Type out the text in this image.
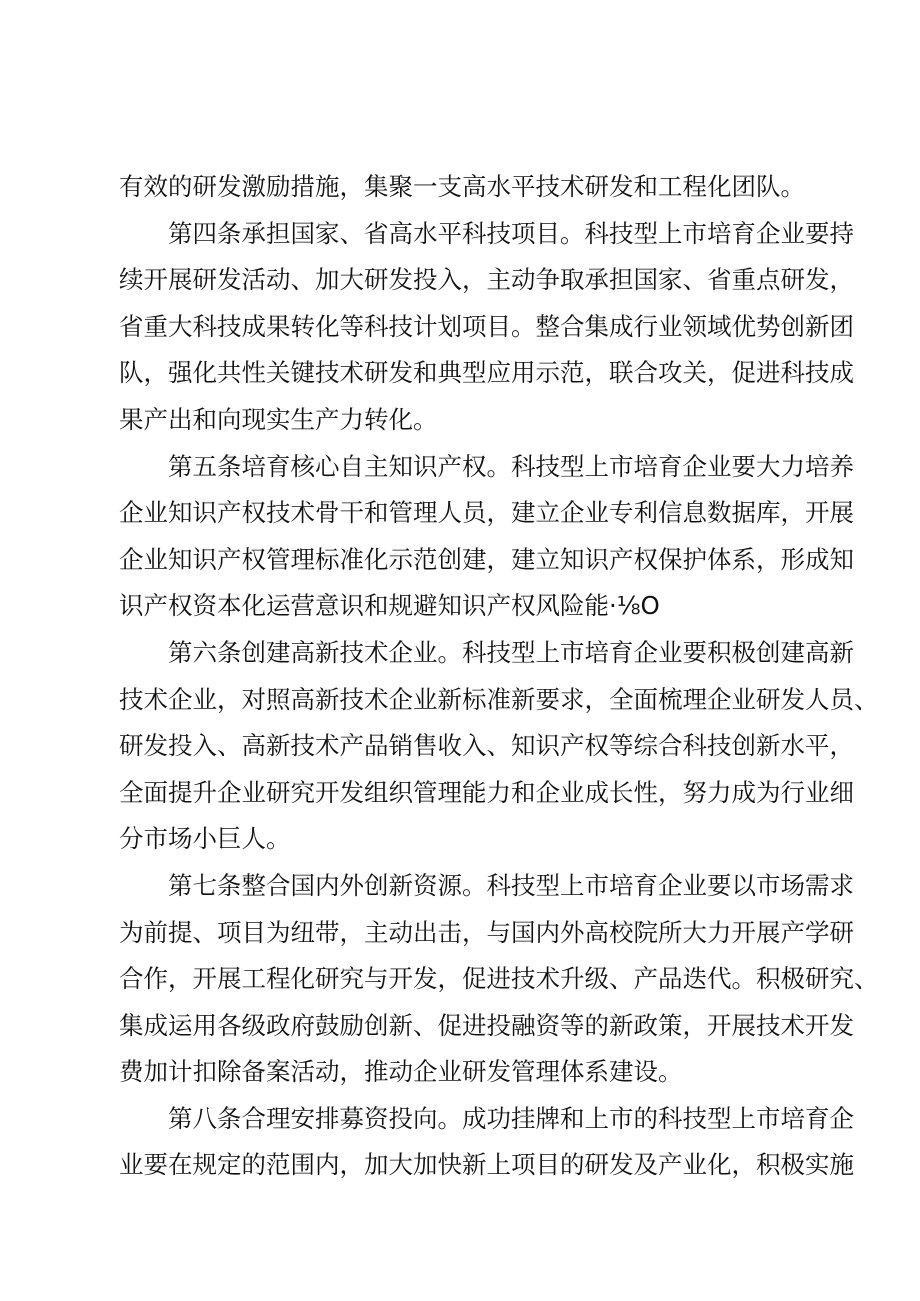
有效的研发激励措施，集聚一支高水平技术研发和工程化团队。
第四条承担国家、省高水平科技项目。科技型上市培育企业要持
续开展研发活动、加大研发投入，主动争取承担国家、省重点研发，
省重大科技成果转化等科技计划项目。整合集成行业领域优势创新团
队，强化共性关键技术研发和典型应用示范，联合攻关，促进科技成
果产出和向现实生产力转化。
第五条培育核心自主知识产权。科技型上市培育企业要大力培养
企业知识产权技术骨干和管理人员，建立企业专利信息数据库，开展
企业知识产权管理标准化示范创建，建立知识产权保护体系，形成知
识产权资本化运营意识和规避知识产权风险能·⅛O
第六条创建高新技术企业。科技型上市培育企业要积极创建高新
技术企业，对照高新技术企业新标准新要求，全面梳理企业研发人员、
研发投入、高新技术产品销售收入、知识产权等综合科技创新水平，
全面提升企业研究开发组织管理能力和企业成长性，努力成为行业细
分市场小巨人。
第七条整合国内外创新资源。科技型上市培育企业要以市场需求
为前提、项目为纽带，主动出击，与国内外高校院所大力开展产学研
合作，开展工程化研究与开发，促进技术升级、产品迭代。积极研究、
集成运用各级政府鼓励创新、促进投融资等的新政策，开展技术开发
费加计扣除备案活动，推动企业研发管理体系建设。
第八条合理安排募资投向。成功挂牌和上市的科技型上市培育企
业要在规定的范围内，加大加快新上项目的研发及产业化，积极实施
